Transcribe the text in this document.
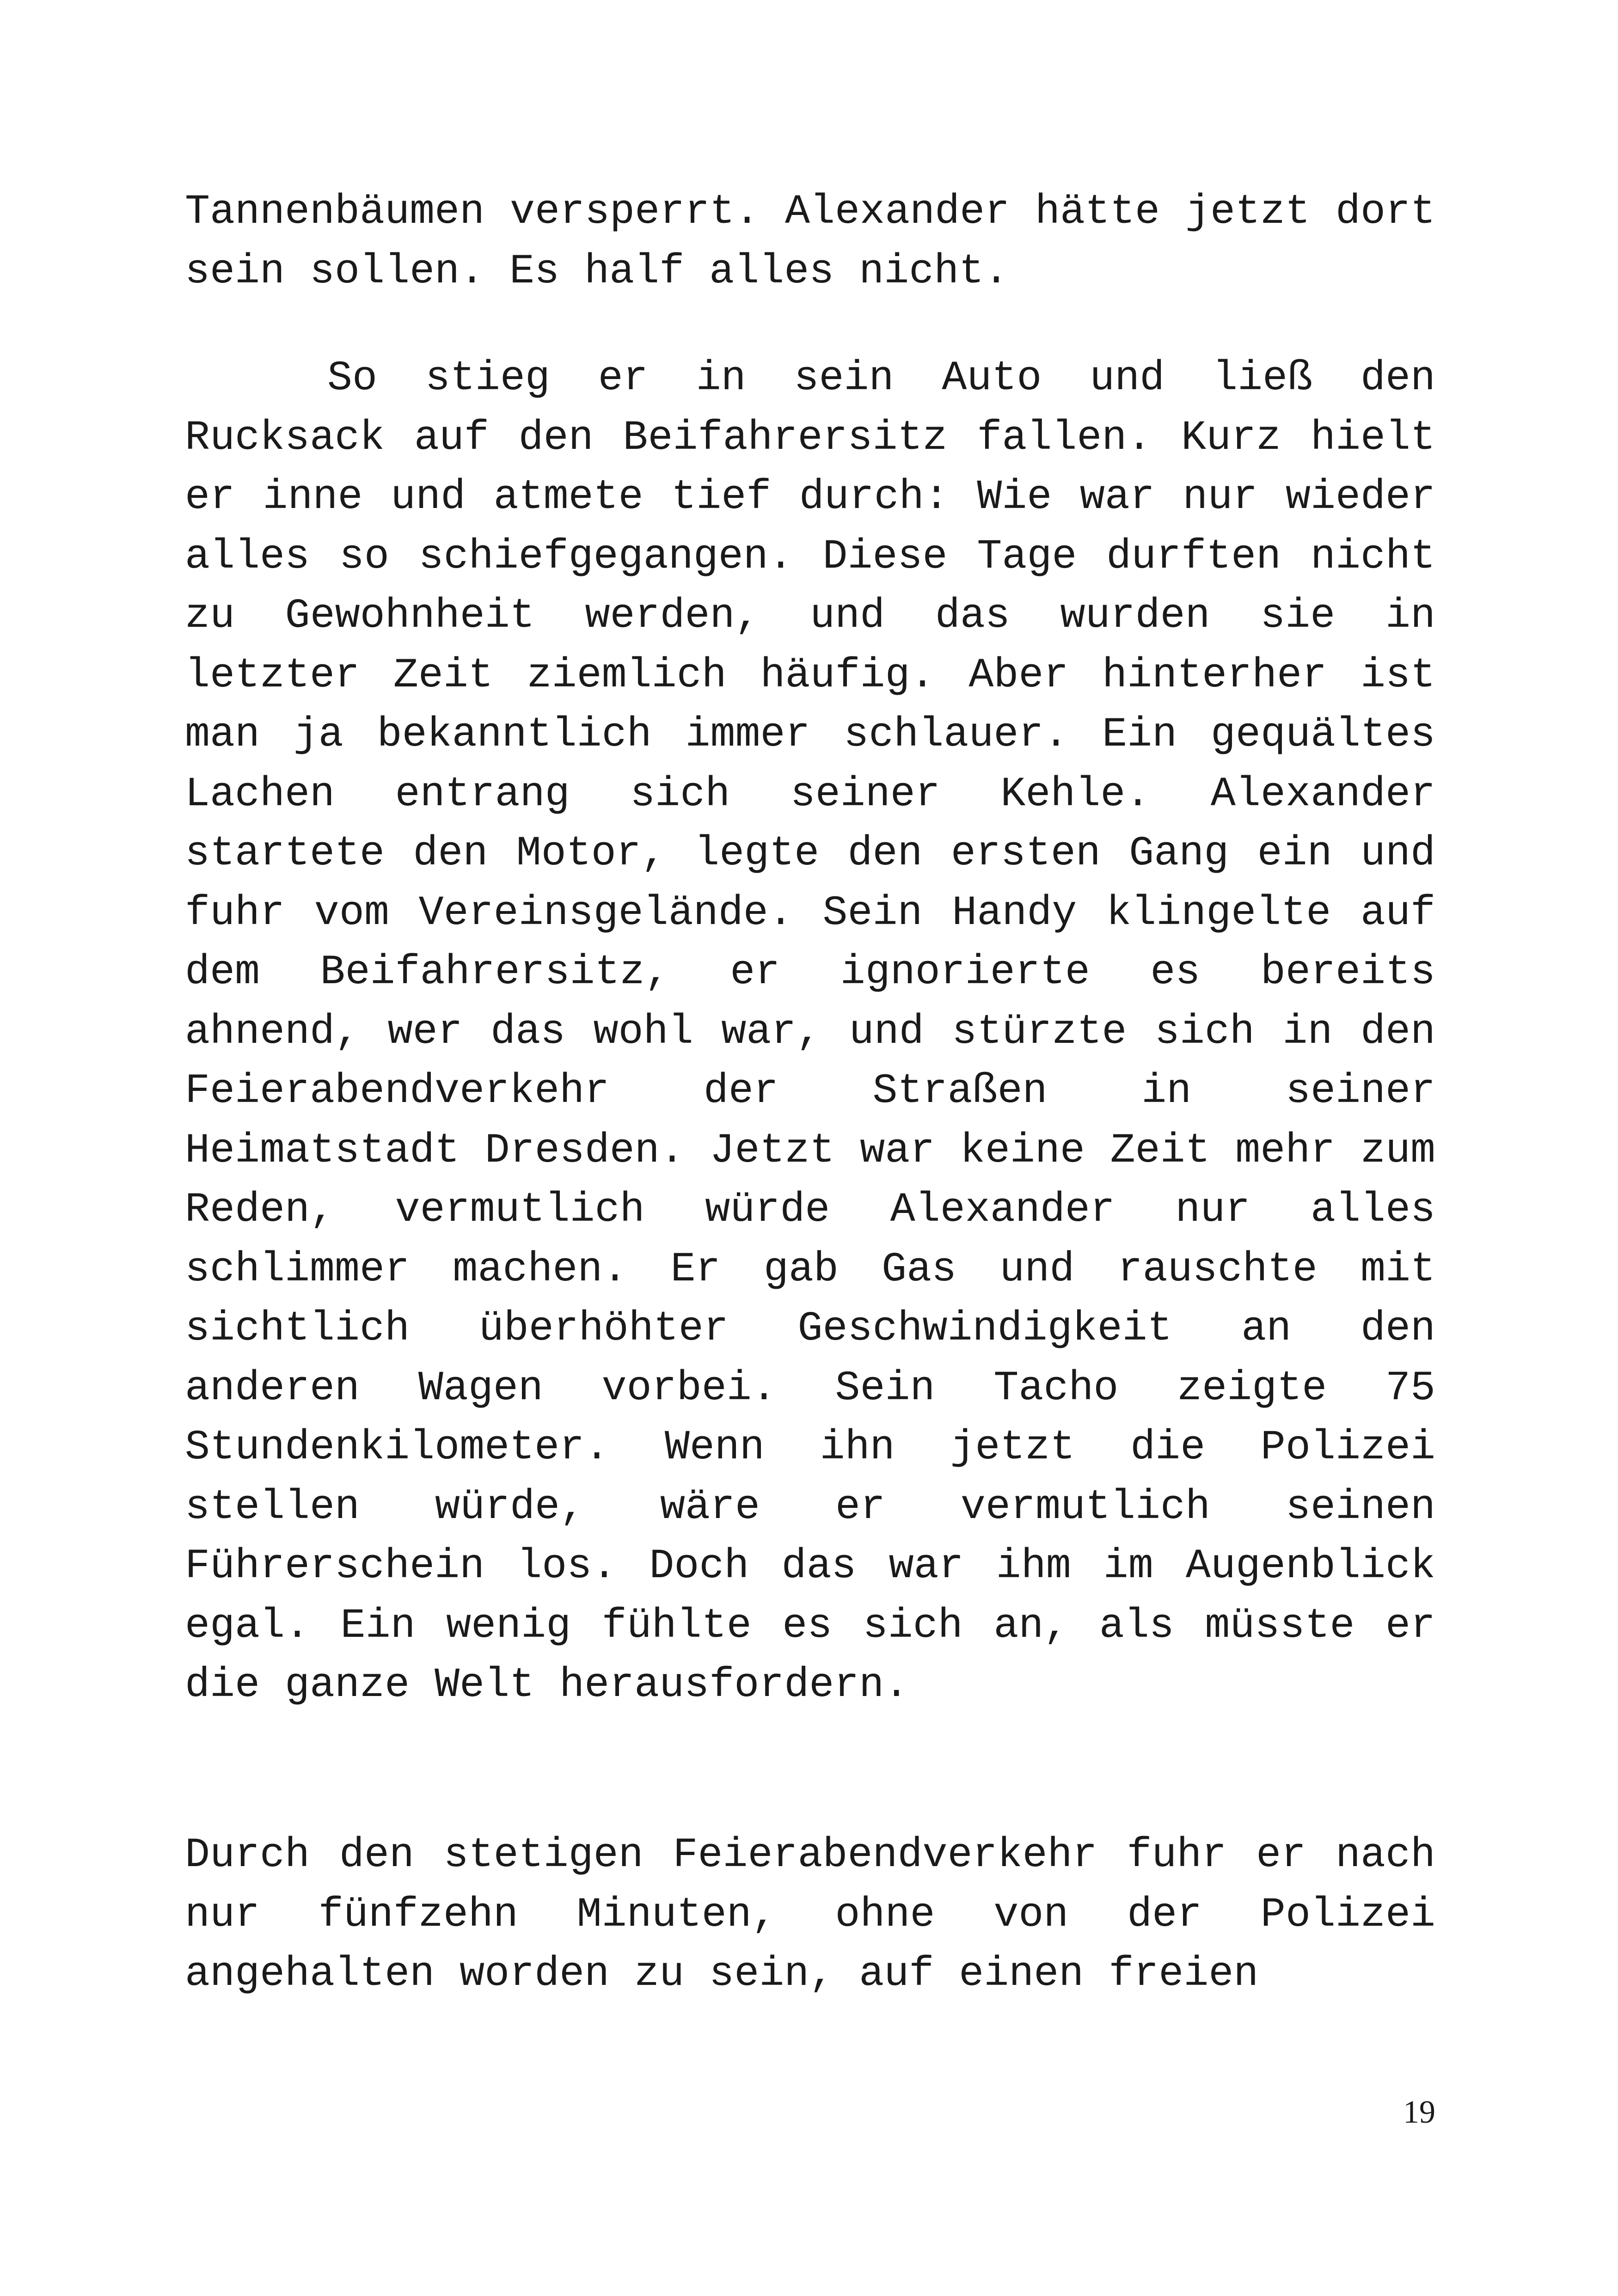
Tannenbäumen versperrt. Alexander hätte jetzt dort sein sollen. Es half alles nicht.

So stieg er in sein Auto und ließ den Rucksack auf den Beifahrersitz fallen. Kurz hielt er inne und atmete tief durch: Wie war nur wieder alles so schiefgegangen. Diese Tage durften nicht zu Gewohnheit werden, und das wurden sie in letzter Zeit ziemlich häufig. Aber hinterher ist man ja bekanntlich immer schlauer. Ein gequältes Lachen entrang sich seiner Kehle. Alexander startete den Motor, legte den ersten Gang ein und fuhr vom Vereinsgelände. Sein Handy klingelte auf dem Beifahrersitz, er ignorierte es bereits ahnend, wer das wohl war, und stürzte sich in den Feierabendverkehr der Straßen in seiner Heimatstadt Dresden. Jetzt war keine Zeit mehr zum Reden, vermutlich würde Alexander nur alles schlimmer machen. Er gab Gas und rauschte mit sichtlich überhöhter Geschwindigkeit an den anderen Wagen vorbei. Sein Tacho zeigte 75 Stundenkilometer. Wenn ihn jetzt die Polizei stellen würde, wäre er vermutlich seinen Führerschein los. Doch das war ihm im Augenblick egal. Ein wenig fühlte es sich an, als müsste er die ganze Welt herausfordern.

Durch den stetigen Feierabendverkehr fuhr er nach nur fünfzehn Minuten, ohne von der Polizei angehalten worden zu sein, auf einen freien

19
